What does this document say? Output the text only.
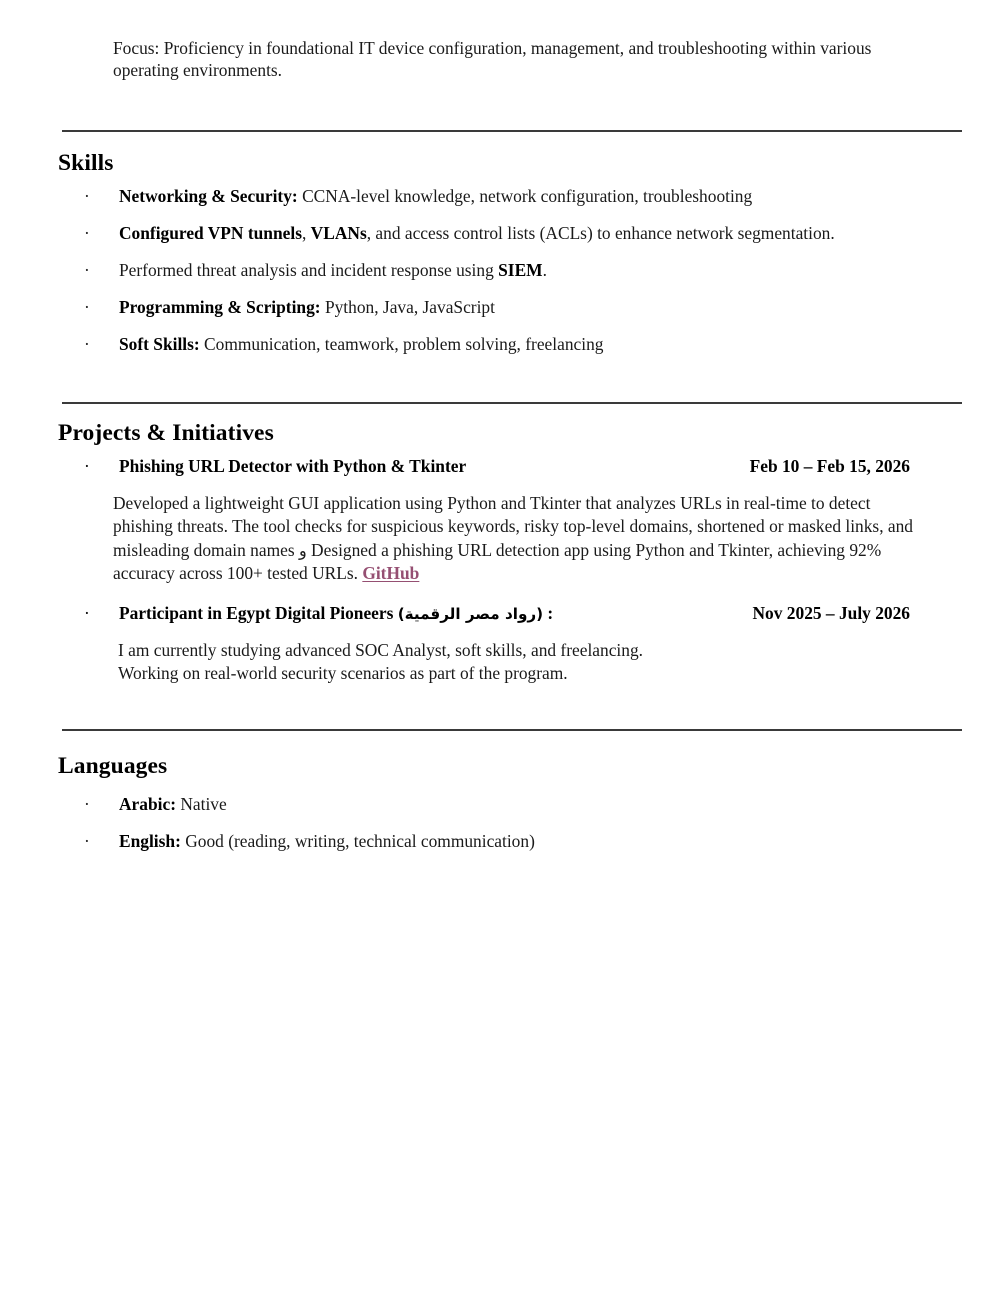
Focus: Proficiency in foundational IT device configuration, management, and troubleshooting within various operating environments.
Skills
·	Networking & Security: CCNA-level knowledge, network configuration, troubleshooting
·	Configured VPN tunnels, VLANs, and access control lists (ACLs) to enhance network segmentation.
·	Performed threat analysis and incident response using SIEM.
·	Programming & Scripting: Python, Java, JavaScript
·	Soft Skills: Communication, teamwork, problem solving, freelancing
Projects & Initiatives
· Phishing URL Detector with Python & Tkinter	Feb 10 – Feb 15, 2026
Developed a lightweight GUI application using Python and Tkinter that analyzes URLs in real-time to detect phishing threats. The tool checks for suspicious keywords, risky top-level domains, shortened or masked links, and misleading domain names و Designed a phishing URL detection app using Python and Tkinter, achieving 92% accuracy across 100+ tested URLs. GitHub
· Participant in Egypt Digital Pioneers (رواد مصر الرقمية) :	Nov 2025 – July 2026
I am currently studying advanced SOC Analyst, soft skills, and freelancing.
Working on real-world security scenarios as part of the program.
Languages
·	Arabic: Native
·	English: Good (reading, writing, technical communication)
